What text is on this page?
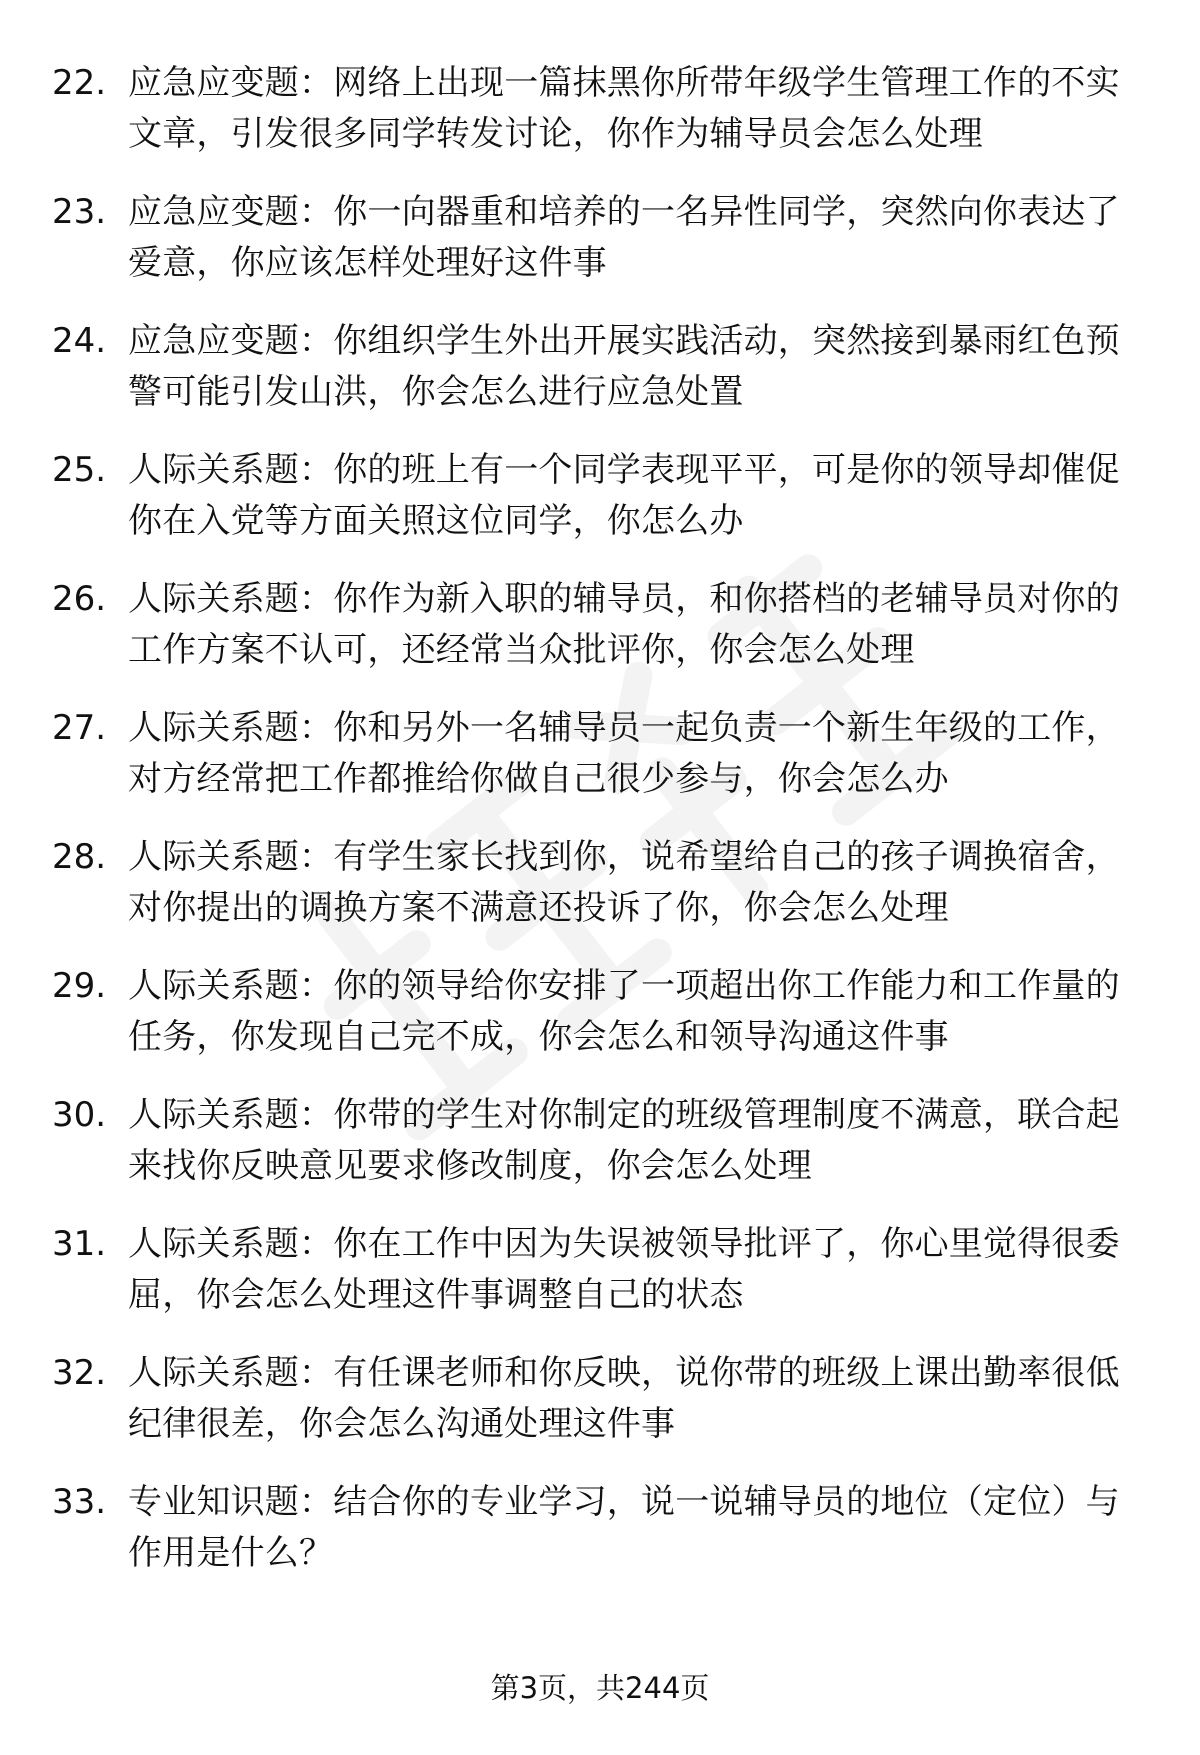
22. 应急应变题：网络上出现一篇抹黑你所带年级学生管理工作的不实文章，引发很多同学转发讨论，你作为辅导员会怎么处理
23. 应急应变题：你一向器重和培养的一名异性同学，突然向你表达了爱意，你应该怎样处理好这件事
24. 应急应变题：你组织学生外出开展实践活动，突然接到暴雨红色预警可能引发山洪，你会怎么进行应急处置
25. 人际关系题：你的班上有一个同学表现平平，可是你的领导却催促你在入党等方面关照这位同学，你怎么办
26. 人际关系题：你作为新入职的辅导员，和你搭档的老辅导员对你的工作方案不认可，还经常当众批评你，你会怎么处理
27. 人际关系题：你和另外一名辅导员一起负责一个新生年级的工作，对方经常把工作都推给你做自己很少参与，你会怎么办
28. 人际关系题：有学生家长找到你，说希望给自己的孩子调换宿舍，对你提出的调换方案不满意还投诉了你，你会怎么处理
29. 人际关系题：你的领导给你安排了一项超出你工作能力和工作量的任务，你发现自己完不成，你会怎么和领导沟通这件事
30. 人际关系题：你带的学生对你制定的班级管理制度不满意，联合起来找你反映意见要求修改制度，你会怎么处理
31. 人际关系题：你在工作中因为失误被领导批评了，你心里觉得很委屈，你会怎么处理这件事调整自己的状态
32. 人际关系题：有任课老师和你反映，说你带的班级上课出勤率很低纪律很差，你会怎么沟通处理这件事
33. 专业知识题：结合你的专业学习，说一说辅导员的地位（定位）与作用是什么？
第3页，共244页
